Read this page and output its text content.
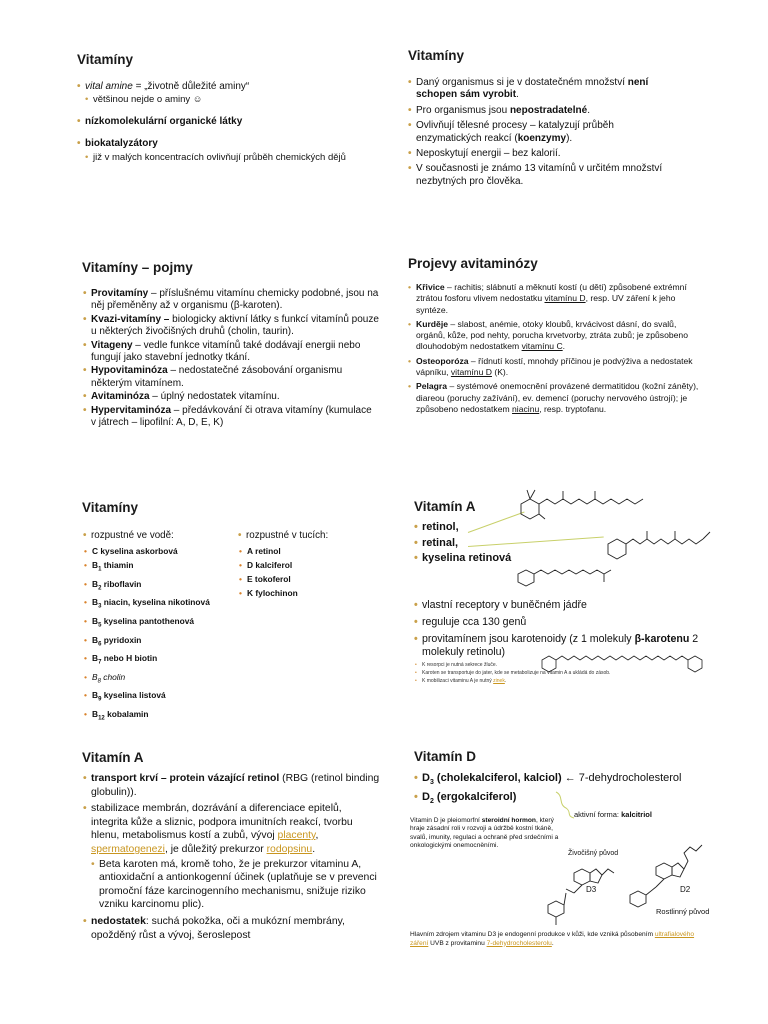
Vitamíny
• vital amine = „životně důležité aminy“
• většinou nejde o aminy ☺
• nízkomolekulární organické látky
• biokatalyzátory
• již v malých koncentracích ovlivňují průběh chemických dějů
Vitamíny
• Daný organismus si je v dostatečném množství není schopen sám vyrobit.
• Pro organismus jsou nepostradatelné.
• Ovlivňují tělesné procesy – katalyzují průběh enzymatických reakcí (koenzymy).
• Neposkytují energii – bez kalorií.
• V současnosti je známo 13 vitamínů v určitém množství nezbytných pro člověka.
Vitamíny – pojmy
• Provitamíny – příslušnému vitamínu chemicky podobné, jsou na něj přeměněny až v organismu (β-karoten).
• Kvazi-vitamíny – biologicky aktivní látky s funkcí vitamínů pouze u některých živočišných druhů (cholin, taurin).
• Vitageny – vedle funkce vitamínů také dodávají energii nebo fungují jako stavební jednotky tkání.
• Hypovitaminóza – nedostatečné zásobování organismu některým vitamínem.
• Avitaminóza – úplný nedostatek vitamínu.
• Hypervitaminóza – předávkování či otrava vitamíny (kumulace v játrech – lipofilní: A, D, E, K)
Projevy avitaminózy
• Křivice – rachitis; slábnutí a měknutí kostí (u dětí) způsobené extrémní ztrátou fosforu vlivem nedostatku vitamínu D, resp. UV záření k jeho syntéze.
• Kurděje – slabost, anémie, otoky kloubů, krvácivost dásní, do svalů, orgánů, kůže, pod nehty, porucha krvetvorby, ztráta zubů; je způsobeno dlouhodobým nedostatkem vitamínu C.
• Osteoporóza – řídnutí kostí, mnohdy příčinou je podvýživa a nedostatek vápníku, vitamínu D (K).
• Pelagra – systémové onemocnění provázené dermatitidou (kožní záněty), diareou (poruchy zažívání), ev. demencí (poruchy nervového ústrojí); je způsobeno nedostatkem niacinu, resp. tryptofanu.
Vitamíny
• rozpustné ve vodě:
• C kyselina askorbová
• $B_1$ thiamin
• $B_2$ riboflavin
• $B_3$ niacin, kyselina nikotinová
• $B_5$ kyselina pantothenová
• $B_6$ pyridoxin
• $B_7$ nebo H biotin
• $B_8$ cholin
• $B_9$ kyselina listová
• $B_{12}$ kobalamin
• rozpustné v tucích:
• A retinol
• D kalciferol
• E tokoferol
• K fylochinon
Vitamín A
• retinol,
• retinal,
• kyselina retinová
• vlastní receptory v buněčném jádře
• reguluje cca 130 genů
• provitamínem jsou karotenoidy (z 1 molekuly β-karotenu 2 molekuly retinolu)
• K resorpci je nutná sekrece žluče.
• Karoten se transportuje do jater, kde se metabolizuje na vitamin A a ukládá do zásob.
• K mobilizaci vitaminu A je nutný zinek.
Vitamín A
• transport krví – protein vázající retinol (RBG (retinol binding globulin)).
• stabilizace membrán, dozrávání a diferenciace epitelů, integrita kůže a sliznic, podpora imunitních reakcí, tvorbu hlenu, metabolismus kostí a zubů, vývoj placenty, spermatogenezi, je důležitý prekurzor rodopsinu.
• Beta karoten má, kromě toho, že je prekurzor vitaminu A, antioxidační a antionkogenní účinek (uplatňuje se v prevenci promoční fáze karcinogenního mechanismu, snižuje riziko vzniku karcinomu plic).
• nedostatek: suchá pokožka, oči a mukózní membrány, opožděný růst a vývoj, šeroslepost
Vitamín D
• $D_3$ (cholekalciferol, kalciol) ← 7-dehydrocholesterol
• $D_2$ (ergokalciferol)
aktivní forma: kalcitriol
Vitamin D je pleiomorfní steroidní hormon, který hraje zásadní roli v rozvoji a údržbě kostní tkáně, svalů, imunity, regulaci a ochraně před srdečními a onkologickými onemocněními.
Živočišný původ
D3	D2
Rostlinný původ
Hlavním zdrojem vitaminu D3 je endogenní produkce v kůži, kde vzniká působením ultrafialového záření UVB z provitaminu 7-dehydrocholesterolu.
